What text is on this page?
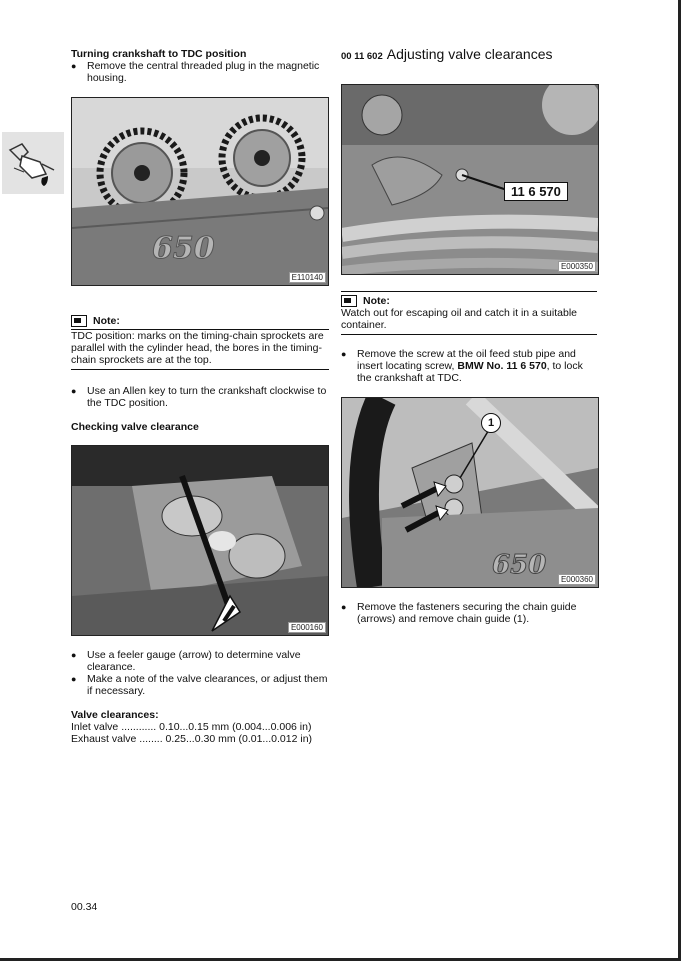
Turning crankshaft to TDC position
●	Remove the central threaded plug in the magnetic housing.
650
E110140
Note:
TDC position: marks on the timing-chain sprockets are parallel with the cylinder head, the bores in the timing-chain sprockets are at the top.
●	Use an Allen key to turn the crankshaft clockwise to the TDC position.
Checking valve clearance
E000160
●	Use a feeler gauge (arrow) to determine valve clearance.
●	Make a note of the valve clearances, or adjust them if necessary.
Valve clearances:
Inlet valve ............ 0.10...0.15 mm (0.004...0.006 in)
Exhaust valve ........ 0.25...0.30 mm (0.01...0.012 in)
00 11 602 Adjusting valve clearances
11 6 570
E000350
Note:
Watch out for escaping oil and catch it in a suitable container.
●	Remove the screw at the oil feed stub pipe and insert locating screw, BMW No. 11 6 570, to lock the crankshaft at TDC.
650
1
E000360
●	Remove the fasteners securing the chain guide (arrows) and remove chain guide (1).
00.34
